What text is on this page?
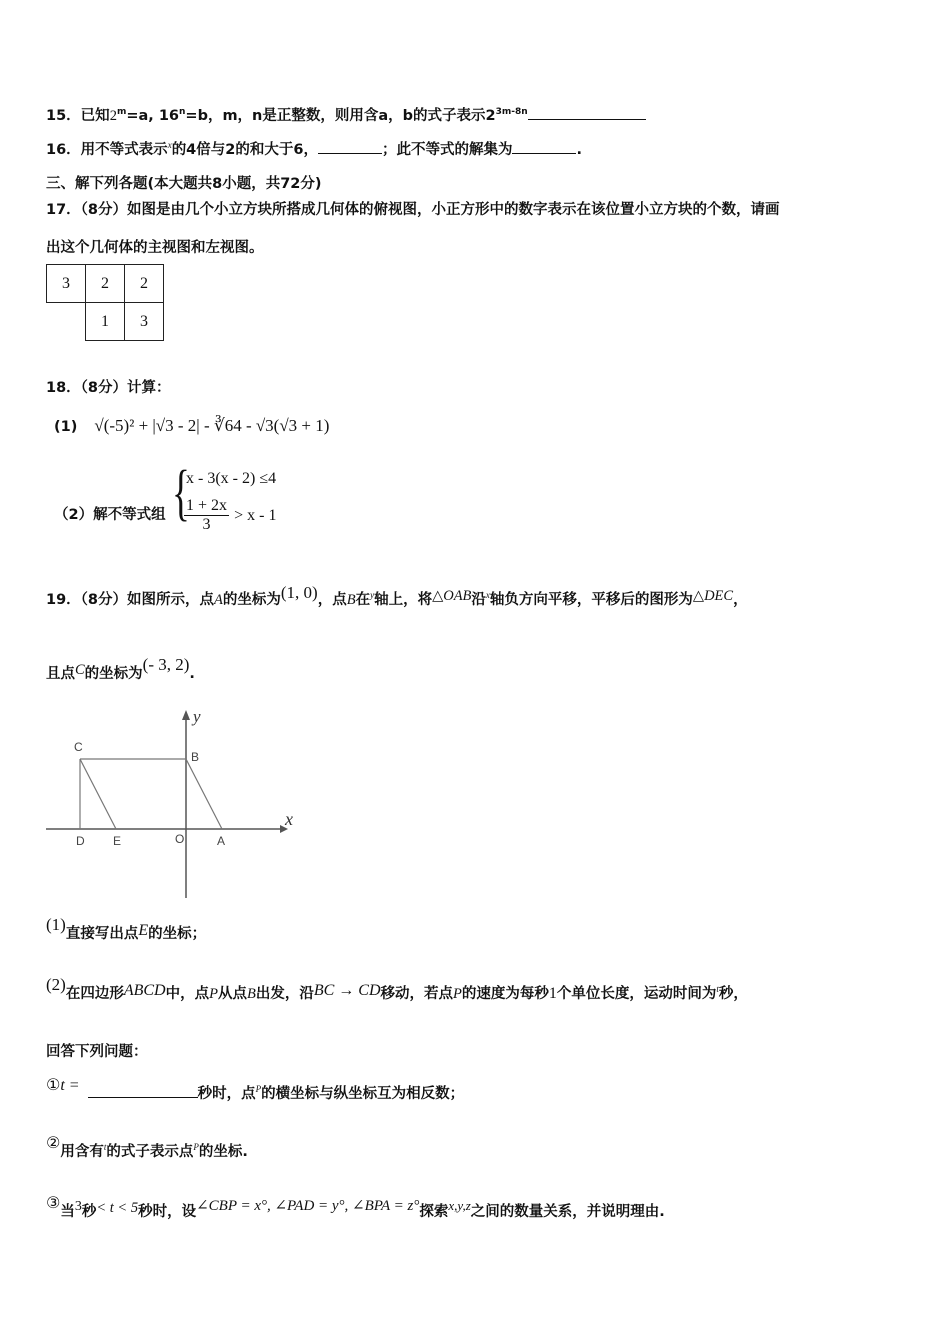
15．已知$2^m=a$, $16^n=b$，m，n是正整数，则用含a，b的式子表示$2^{3m-8n}$
16．用不等式表示$^x$的4倍与2的和大于6，	；此不等式的解集为	.
三、解下列各题(本大题共8小题，共72分)
17．（8分）如图是由几个小立方块所搭成几何体的俯视图，小正方形中的数字表示在该位置小立方块的个数，请画
出这个几何体的主视图和左视图。
3	2	2
	1	3
18．（8分）计算：
(1) √(-5)² + |√3 - 2| - ∛64 - √3(√3 + 1)
（2）解不等式组 {
x - 3(x - 2) ≤4
$\frac{1 + 2x}{3} > x - 1$
19．（8分）如图所示，点A的坐标为(1, 0)，点B在$^y$轴上，将△OAB沿$^x$轴负方向平移，平移后的图形为△DEC，
且点C的坐标为(- 3, 2).
y
x
C
B
D E	O	A
(1)直接写出点E的坐标；
(2)在四边形ABCD中，点P从点B出发，沿BC → CD移动，若点P的速度为每秒1个单位长度，运动时间为$^t$秒，
回答下列问题：
①t =	秒时，点$^P$的横坐标与纵坐标互为相反数；
②用含有$^t$的式子表示点$^P$的坐标.
③当$^3$秒< t < 5秒时，设∠CBP = x°, ∠PAD = y°, ∠BPA = z°探索$^{x,y,z}$之间的数量关系，并说明理由.
